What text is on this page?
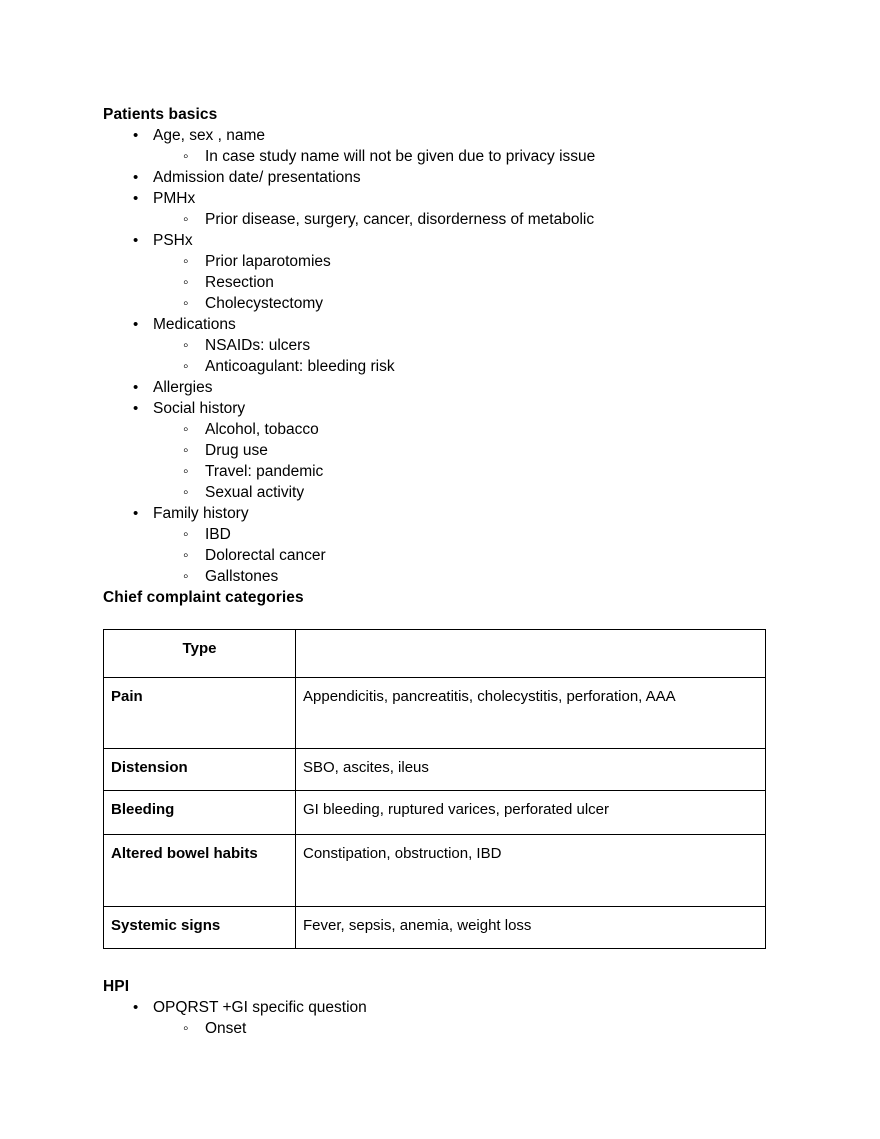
Patients basics
• Age, sex , name
◦ In case study name will not be given due to privacy issue
• Admission date/ presentations
• PMHx
◦ Prior disease, surgery, cancer, disorderness of metabolic
• PSHx
◦ Prior laparotomies
◦ Resection
◦ Cholecystectomy
• Medications
◦ NSAIDs: ulcers
◦ Anticoagulant: bleeding risk
• Allergies
• Social history
◦ Alcohol, tobacco
◦ Drug use
◦ Travel: pandemic
◦ Sexual activity
• Family history
◦ IBD
◦ Dolorectal cancer
◦ Gallstones
Chief complaint categories
Type	
Pain	Appendicitis, pancreatitis, cholecystitis, perforation, AAA
Distension	SBO, ascites, ileus
Bleeding	GI bleeding, ruptured varices, perforated ulcer
Altered bowel habits	Constipation, obstruction, IBD
Systemic signs	Fever, sepsis, anemia, weight loss
HPI
• OPQRST +GI specific question
◦ Onset
